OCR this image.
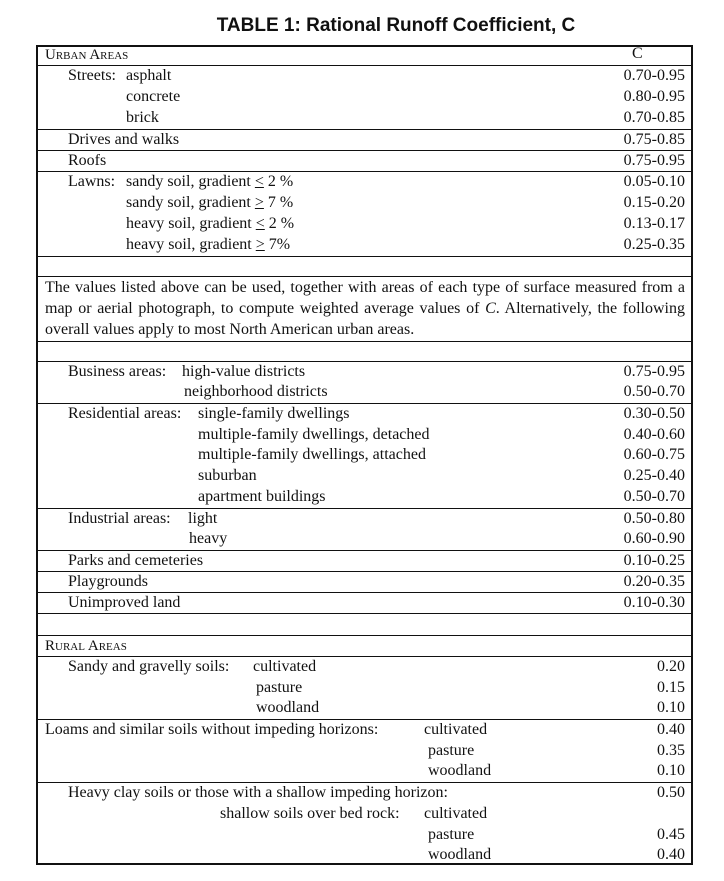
TABLE 1: Rational Runoff Coefficient, C
Urban Areas	C
Streets: asphalt	0.70-0.95
concrete	0.80-0.95
brick	0.70-0.85
Drives and walks	0.75-0.85
Roofs	0.75-0.95
Lawns: sandy soil, gradient < 2 %	0.05-0.10
sandy soil, gradient > 7 %	0.15-0.20
heavy soil, gradient < 2 %	0.13-0.17
heavy soil, gradient > 7%	0.25-0.35
The values listed above can be used, together with areas of each type of surface measured from a map or aerial photograph, to compute weighted average values of C. Alternatively, the following overall values apply to most North American urban areas.
Business areas: high-value districts	0.75-0.95
neighborhood districts	0.50-0.70
Residential areas: single-family dwellings	0.30-0.50
multiple-family dwellings, detached	0.40-0.60
multiple-family dwellings, attached	0.60-0.75
suburban	0.25-0.40
apartment buildings	0.50-0.70
Industrial areas: light	0.50-0.80
heavy	0.60-0.90
Parks and cemeteries	0.10-0.25
Playgrounds	0.20-0.35
Unimproved land	0.10-0.30
Rural Areas
Sandy and gravelly soils: cultivated	0.20
pasture	0.15
woodland	0.10
Loams and similar soils without impeding horizons:	cultivated	0.40
pasture	0.35
woodland	0.10
Heavy clay soils or those with a shallow impeding horizon:	0.50
shallow soils over bed rock: cultivated
pasture	0.45
woodland	0.40
